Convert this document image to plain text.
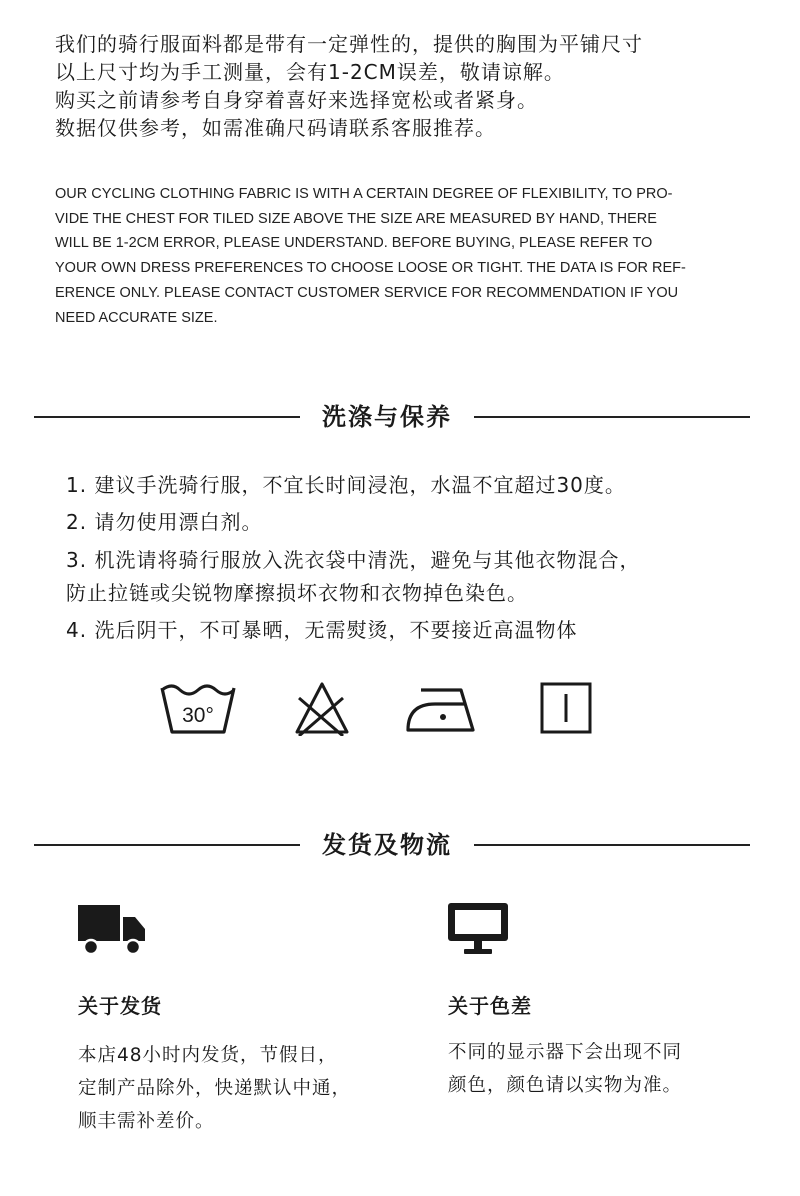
我们的骑行服面料都是带有一定弹性的，提供的胸围为平铺尺寸
以上尺寸均为手工测量，会有1-2CM误差，敬请谅解。
购买之前请参考自身穿着喜好来选择宽松或者紧身。
数据仅供参考，如需准确尺码请联系客服推荐。
OUR CYCLING CLOTHING FABRIC IS WITH A CERTAIN DEGREE OF FLEXIBILITY, TO PRO-
VIDE THE CHEST FOR TILED SIZE ABOVE THE SIZE ARE MEASURED BY HAND, THERE
WILL BE 1-2CM ERROR, PLEASE UNDERSTAND. BEFORE BUYING, PLEASE REFER TO
YOUR OWN DRESS PREFERENCES TO CHOOSE LOOSE OR TIGHT. THE DATA IS FOR REF-
ERENCE ONLY. PLEASE CONTACT CUSTOMER SERVICE FOR RECOMMENDATION IF YOU
NEED ACCURATE SIZE.
洗涤与保养
1. 建议手洗骑行服，不宜长时间浸泡，水温不宜超过30度。
2. 请勿使用漂白剂。
3. 机洗请将骑行服放入洗衣袋中清洗，避免与其他衣物混合，
防止拉链或尖锐物摩擦损坏衣物和衣物掉色染色。
4. 洗后阴干，不可暴晒，无需熨烫，不要接近高温物体
30°
发货及物流
关于发货
本店48小时内发货，节假日，
定制产品除外，快递默认中通，
顺丰需补差价。
关于色差
不同的显示器下会出现不同
颜色，颜色请以实物为准。
